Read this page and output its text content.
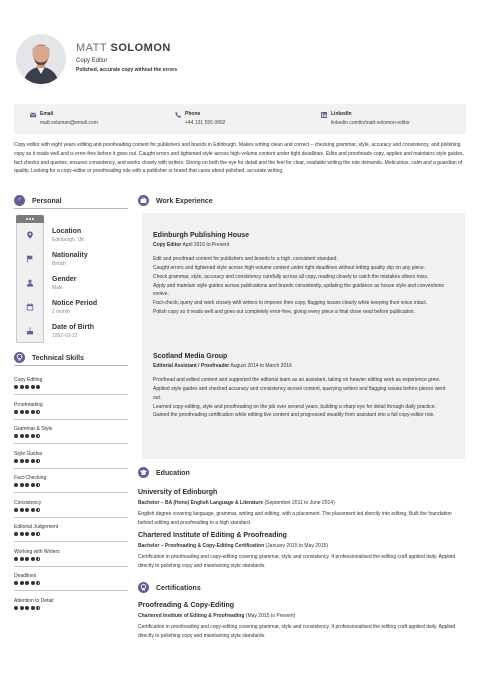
MATT SOLOMON
Copy Editor
Polished, accurate copy without the errors
Email
matt.solomon@email.com
Phone
+44 131 555 0892
LinkedIn
linkedin.com/in/matt-solomon-editor
Copy editor with eight years editing and proofreading content for publishers and brands in Edinburgh. Makes writing clean and correct – checking grammar, style, accuracy and consistency, and polishing copy so it reads well and is error-free before it goes out. Caught errors and tightened style across high-volume content under tight deadlines. Edits and proofreads copy, applies and maintains style guides, fact-checks and queries, ensures consistency, and works closely with writers. Strong on both the eye for detail and the feel for clear, readable writing the role demands. Meticulous, calm and a guardian of quality. Looking for a copy-editor or proofreading role with a publisher or brand that cares about polished, accurate writing.
♂	Personal
Location
Edinburgh, UK
Nationality
British
Gender
Male
Notice Period
1 month
Date of Birth
1992-03-22
Technical Skills
Copy Editing
Proofreading
Grammar & Style
Style Guides
Fact-Checking
Consistency
Editorial Judgement
Working with Writers
Deadlines
Attention to Detail
Work Experience
Edinburgh Publishing House
Copy Editor April 2016 to Present
Edit and proofread content for publishers and brands to a high, consistent standard.
Caught errors and tightened style across high-volume content under tight deadlines without letting quality slip on any piece.
Check grammar, style, accuracy and consistency carefully across all copy, reading closely to catch the mistakes others miss.
Apply and maintain style guides across publications and brands consistently, updating the guidance as house style and conventions evolve.
Fact-check, query and work closely with writers to improve their copy, flagging issues clearly while keeping their voice intact.
Polish copy so it reads well and goes out completely error-free, giving every piece a final close read before publication.
Scotland Media Group
Editorial Assistant / Proofreader August 2014 to March 2016
Proofread and edited content and supported the editorial team as an assistant, taking on heavier editing work as experience grew.
Applied style guides and checked accuracy and consistency across content, querying writers and flagging issues before pieces went out.
Learned copy-editing, style and proofreading on the job over several years, building a sharp eye for detail through daily practice.
Gained the proofreading certification while editing live content and progressed steadily from assistant into a full copy-editor role.
Education
University of Edinburgh
Bachelor – BA (Hons) English Language & Literature (September 2011 to June 2014)
English degree covering language, grammar, writing and editing, with a placement. The placement led directly into editing. Built the foundation behind editing and proofreading to a high standard.
Chartered Institute of Editing & Proofreading
Bachelor – Proofreading & Copy-Editing Certification (January 2015 to May 2015)
Certification in proofreading and copy-editing covering grammar, style and consistency. It professionalised the editing craft applied daily. Applied directly to polishing copy and maintaining style standards.
Certifications
Proofreading & Copy-Editing
Chartered Institute of Editing & Proofreading (May 2015 to Present)
Certification in proofreading and copy-editing covering grammar, style and consistency. It professionalised the editing craft applied daily. Applied directly to polishing copy and maintaining style standards.
